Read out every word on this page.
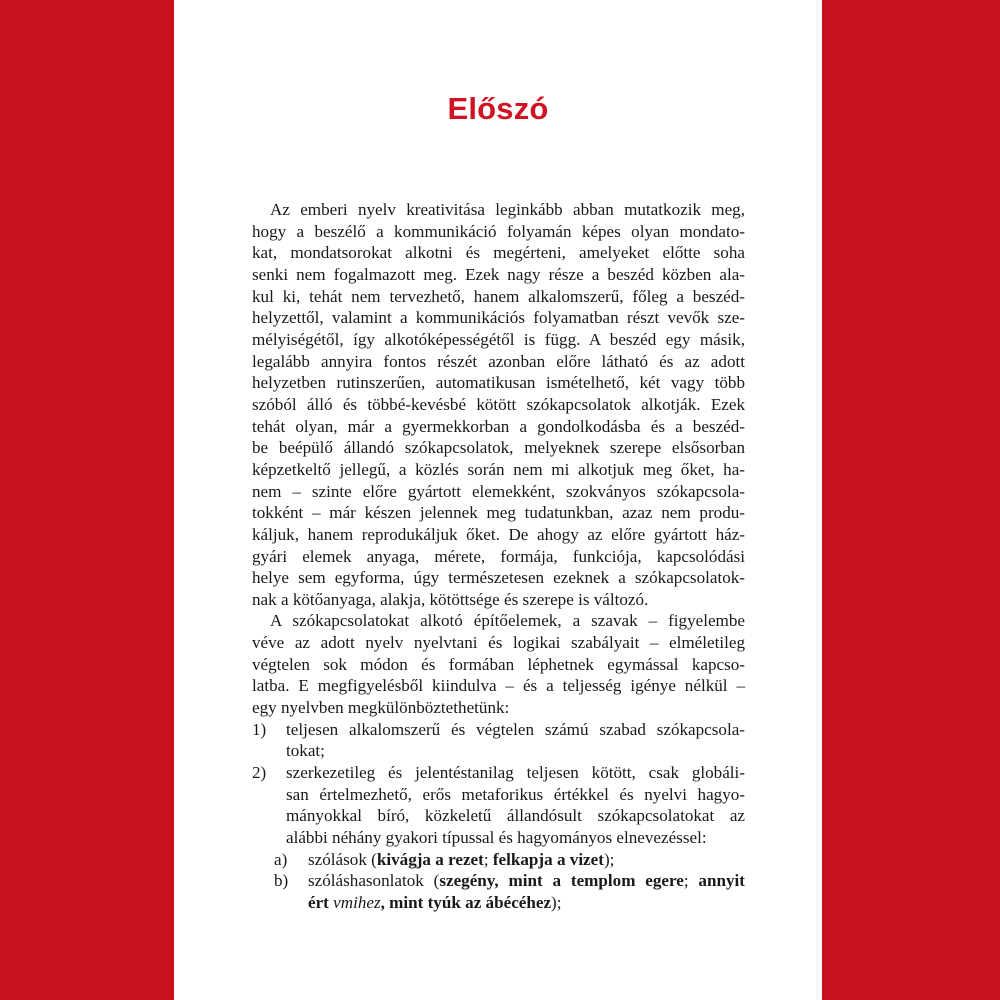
Előszó
Az emberi nyelv kreativitása leginkább abban mutatkozik meg,
hogy a beszélő a kommunikáció folyamán képes olyan mondato-
kat, mondatsorokat alkotni és megérteni, amelyeket előtte soha
senki nem fogalmazott meg. Ezek nagy része a beszéd közben ala-
kul ki, tehát nem tervezhető, hanem alkalomszerű, főleg a beszéd-
helyzettől, valamint a kommunikációs folyamatban részt vevők sze-
mélyiségétől, így alkotóképességétől is függ. A beszéd egy másik,
legalább annyira fontos részét azonban előre látható és az adott
helyzetben rutinszerűen, automatikusan ismételhető, két vagy több
szóból álló és többé-kevésbé kötött szókapcsolatok alkotják. Ezek
tehát olyan, már a gyermekkorban a gondolkodásba és a beszéd-
be beépülő állandó szókapcsolatok, melyeknek szerepe elsősorban
képzetkeltő jellegű, a közlés során nem mi alkotjuk meg őket, ha-
nem – szinte előre gyártott elemekként, szokványos szókapcsola-
tokként – már készen jelennek meg tudatunkban, azaz nem produ-
káljuk, hanem reprodukáljuk őket. De ahogy az előre gyártott ház-
gyári elemek anyaga, mérete, formája, funkciója, kapcsolódási
helye sem egyforma, úgy természetesen ezeknek a szókapcsolatok-
nak a kötőanyaga, alakja, kötöttsége és szerepe is változó.
A szókapcsolatokat alkotó építőelemek, a szavak – figyelembe
véve az adott nyelv nyelvtani és logikai szabályait – elméletileg
végtelen sok módon és formában léphetnek egymással kapcso-
latba. E megfigyelésből kiindulva – és a teljesség igénye nélkül –
egy nyelvben megkülönböztethetünk:
1) teljesen alkalomszerű és végtelen számú szabad szókapcsola-
tokat;
2) szerkezetileg és jelentéstanilag teljesen kötött, csak globáli-
san értelmezhető, erős metaforikus értékkel és nyelvi hagyo-
mányokkal bíró, közkeletű állandósult szókapcsolatokat az
alábbi néhány gyakori típussal és hagyományos elnevezéssel:
a) szólások (kivágja a rezet; felkapja a vizet);
b) szóláshasonlatok (szegény, mint a templom egere; annyit
ért vmihez, mint tyúk az ábécéhez);
